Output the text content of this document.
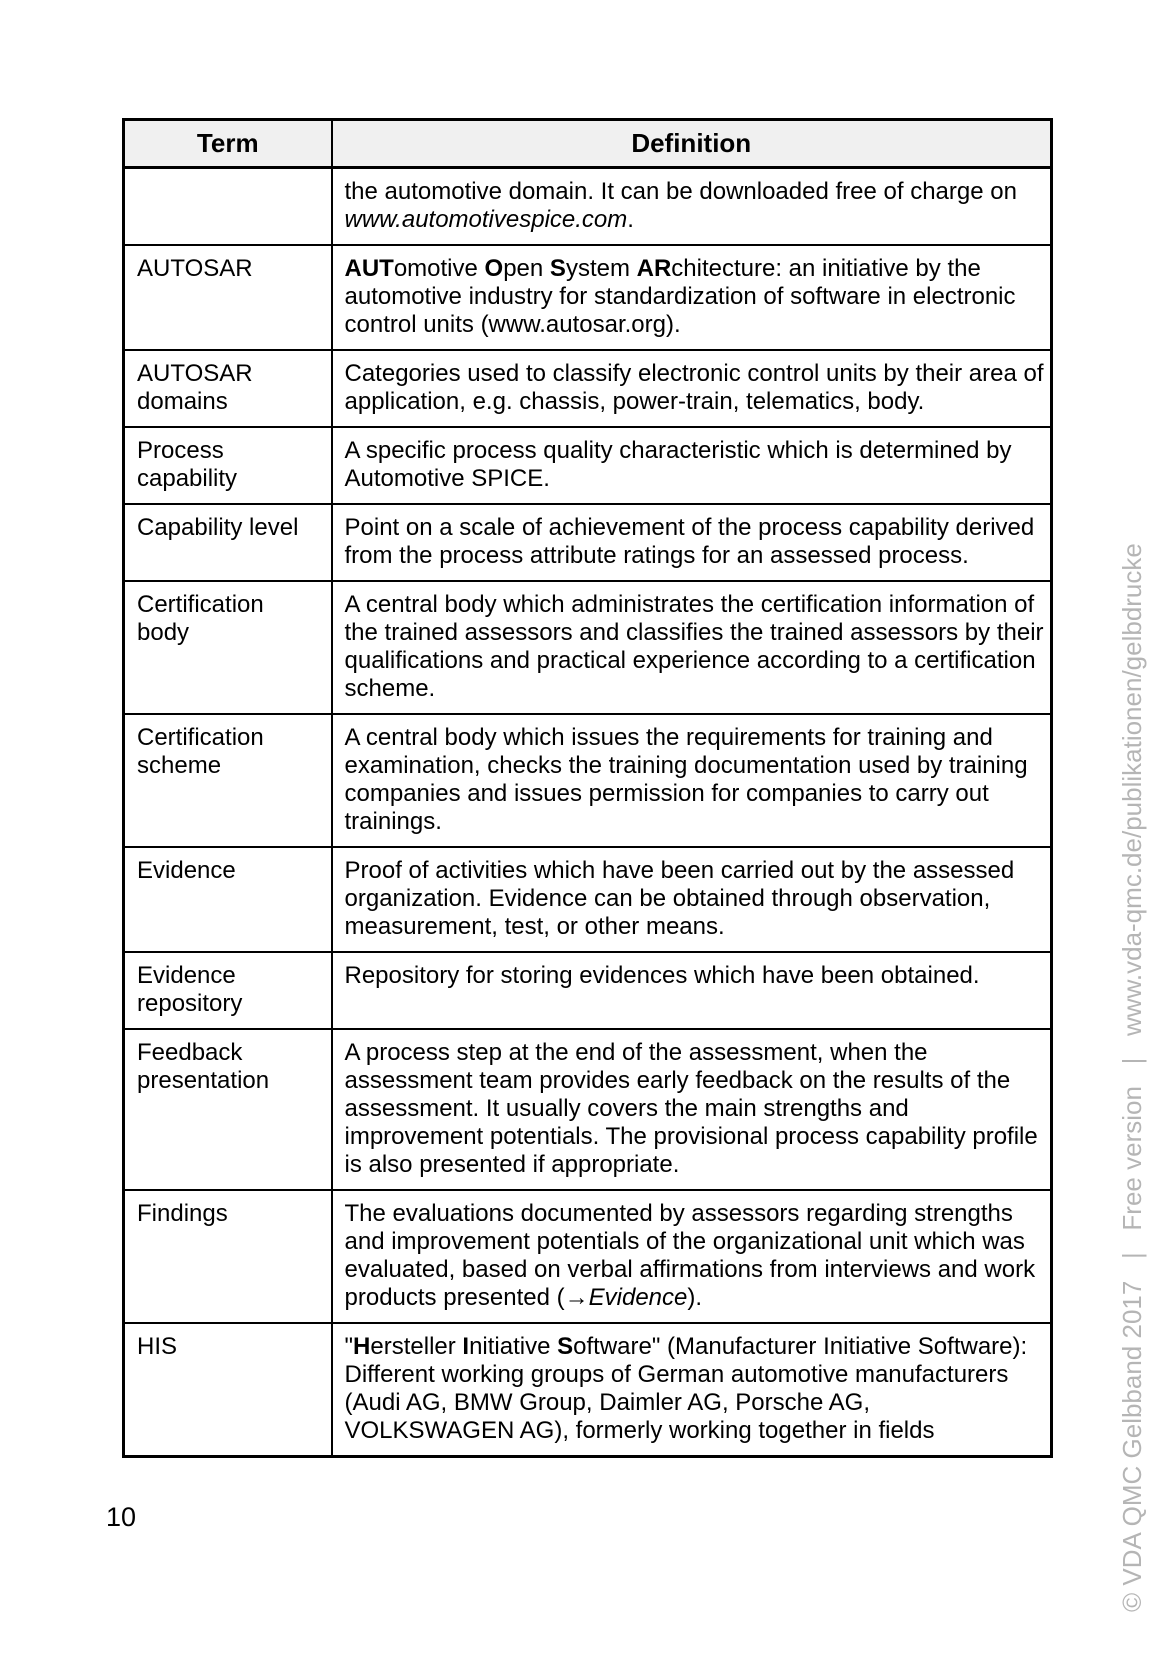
Term	Definition
	the automotive domain. It can be downloaded free of charge on www.automotivespice.com.
AUTOSAR	AUTomotive Open System ARchitecture: an initiative by the automotive industry for standardization of software in electronic control units (www.autosar.org).
AUTOSAR domains	Categories used to classify electronic control units by their area of application, e.g. chassis, power-train, telematics, body.
Process capability	A specific process quality characteristic which is determined by Automotive SPICE.
Capability level	Point on a scale of achievement of the process capability derived from the process attribute ratings for an assessed process.
Certification body	A central body which administrates the certification information of the trained assessors and classifies the trained assessors by their qualifications and practical experience according to a certification scheme.
Certification scheme	A central body which issues the requirements for training and examination, checks the training documentation used by training companies and issues permission for companies to carry out trainings.
Evidence	Proof of activities which have been carried out by the assessed organization. Evidence can be obtained through observation, measurement, test, or other means.
Evidence repository	Repository for storing evidences which have been obtained.
Feedback presentation	A process step at the end of the assessment, when the assessment team provides early feedback on the results of the assessment. It usually covers the main strengths and improvement potentials. The provisional process capability profile is also presented if appropriate.
Findings	The evaluations documented by assessors regarding strengths and improvement potentials of the organizational unit which was evaluated, based on verbal affirmations from interviews and work products presented (→Evidence).
HIS	"Hersteller Initiative Software" (Manufacturer Initiative Software): Different working groups of German automotive manufacturers (Audi AG, BMW Group, Daimler AG, Porsche AG, VOLKSWAGEN AG), formerly working together in fields
10	© VDA QMC Gelbband 2017   |   Free version   |   www.vda-qmc.de/publikationen/gelbdrucke
